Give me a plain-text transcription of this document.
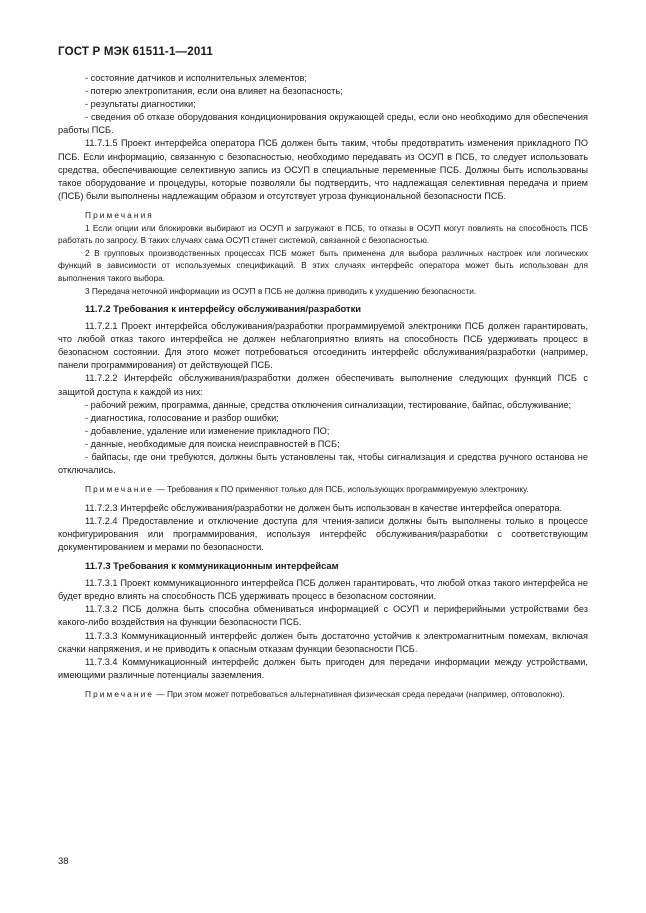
ГОСТ Р МЭК 61511-1—2011

- состояние датчиков и исполнительных элементов;

- потерю электропитания, если она влияет на безопасность;

- результаты диагностики;

- сведения об отказе оборудования кондиционирования окружающей среды, если оно необходимо для обеспечения работы ПСБ.

11.7.1.5 Проект интерфейса оператора ПСБ должен быть таким, чтобы предотвратить изменения прикладного ПО ПСБ. Если информацию, связанную с безопасностью, необходимо передавать из ОСУП в ПСБ, то следует использовать средства, обеспечивающие селективную запись из ОСУП в специальные переменные ПСБ. Должны быть использованы такое оборудование и процедуры, которые позволяли бы подтвердить, что надлежащая селективная передача и прием (ПСБ) были выполнены надлежащим образом и отсутствует угроза функциональной безопасности ПСБ.

Примечания

1 Если опции или блокировки выбирают из ОСУП и загружают в ПСБ, то отказы в ОСУП могут повлиять на способность ПСБ работать по запросу. В таких случаях сама ОСУП станет системой, связанной с безопасностью.

2 В групповых производственных процессах ПСБ может быть применена для выбора различных настроек или логических функций в зависимости от используемых спецификаций. В этих случаях интерфейс оператора может быть использован для выполнения такого выбора.

3 Передача неточной информации из ОСУП в ПСБ не должна приводить к ухудшению безопасности.

11.7.2 Требования к интерфейсу обслуживания/разработки

11.7.2.1 Проект интерфейса обслуживания/разработки программируемой электроники ПСБ должен гарантировать, что любой отказ такого интерфейса не должен неблагоприятно влиять на способность ПСБ удерживать процесс в безопасном состоянии. Для этого может потребоваться отсоединить интерфейс обслуживания/разработки (например, панели программирования) от действующей ПСБ.

11.7.2.2 Интерфейс обслуживания/разработки должен обеспечивать выполнение следующих функций ПСБ с защитой доступа к каждой из них:

- рабочий режим, программа, данные, средства отключения сигнализации, тестирование, байпас, обслуживание;

- диагностика, голосование и разбор ошибки;

- добавление, удаление или изменение прикладного ПО;

- данные, необходимые для поиска неисправностей в ПСБ;

- байпасы, где они требуются, должны быть установлены так, чтобы сигнализация и средства ручного останова не отключались.

Примечание — Требования к ПО применяют только для ПСБ, использующих программируемую электронику.

11.7.2.3 Интерфейс обслуживания/разработки не должен быть использован в качестве интерфейса оператора.

11.7.2.4 Предоставление и отключение доступа для чтения-записи должны быть выполнены только в процессе конфигурирования или программирования, используя интерфейс обслуживания/разработки с соответствующим документированием и мерами по безопасности.

11.7.3 Требования к коммуникационным интерфейсам

11.7.3.1 Проект коммуникационного интерфейса ПСБ должен гарантировать, что любой отказ такого интерфейса не будет вредно влиять на способность ПСБ удерживать процесс в безопасном состоянии.

11.7.3.2 ПСБ должна быть способна обмениваться информацией с ОСУП и периферийными устройствами без какого-либо воздействия на функции безопасности ПСБ.

11.7.3.3 Коммуникационный интерфейс должен быть достаточно устойчив к электромагнитным помехам, включая скачки напряжения, и не приводить к опасным отказам функции безопасности ПСБ.

11.7.3.4 Коммуникационный интерфейс должен быть пригоден для передачи информации между устройствами, имеющими различные потенциалы заземления.

Примечание — При этом может потребоваться альтернативная физическая среда передачи (например, оптоволокно).

38
